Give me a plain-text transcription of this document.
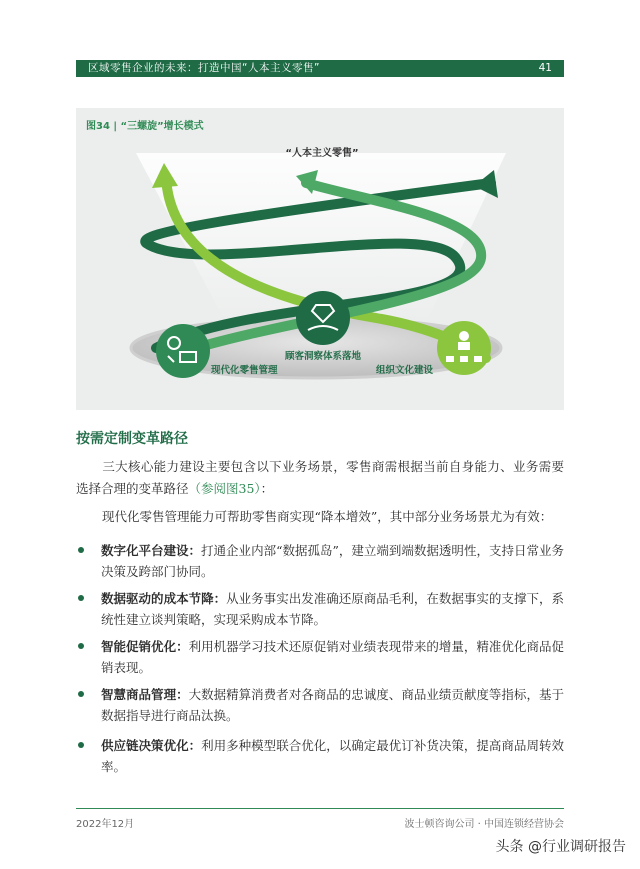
区域零售企业的未来：打造中国“人本主义零售”	41
图34 | “三螺旋”增长模式
“人本主义零售”
现代化零售管理
顾客洞察体系落地
组织文化建设
按需定制变革路径
三大核心能力建设主要包含以下业务场景，零售商需根据当前自身能力、业务需要选择合理的变革路径（参阅图35）：
现代化零售管理能力可帮助零售商实现“降本增效”，其中部分业务场景尤为有效：
数字化平台建设：打通企业内部“数据孤岛”，建立端到端数据透明性，支持日常业务决策及跨部门协同。
数据驱动的成本节降：从业务事实出发准确还原商品毛利，在数据事实的支撑下，系统性建立谈判策略，实现采购成本节降。
智能促销优化：利用机器学习技术还原促销对业绩表现带来的增量，精准优化商品促销表现。
智慧商品管理：大数据精算消费者对各商品的忠诚度、商品业绩贡献度等指标，基于数据指导进行商品汰换。
供应链决策优化：利用多种模型联合优化，以确定最优订补货决策，提高商品周转效率。
2022年12月	波士顿咨询公司 · 中国连锁经营协会
头条 @行业调研报告
